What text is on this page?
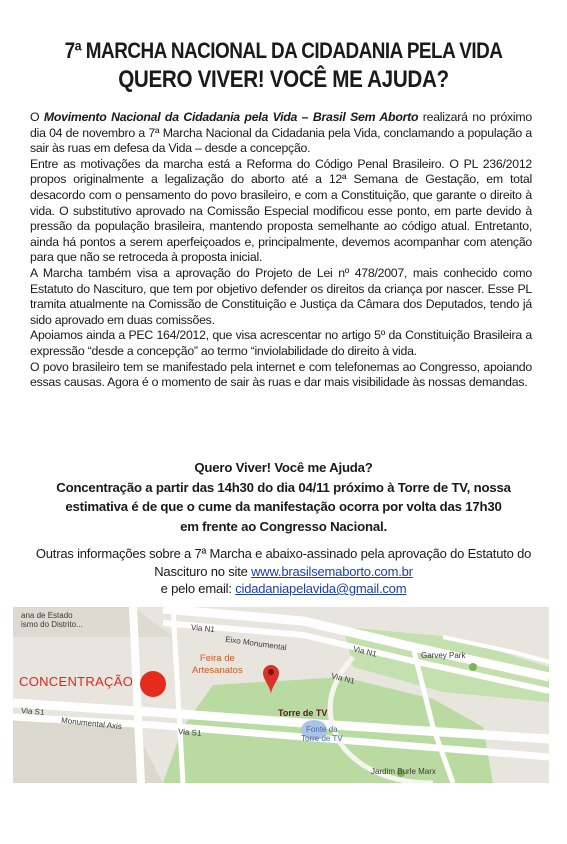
7ª MARCHA NACIONAL DA CIDADANIA PELA VIDA
QUERO VIVER! VOCÊ ME AJUDA?

O Movimento Nacional da Cidadania pela Vida – Brasil Sem Aborto realizará no próximo dia 04 de novembro a 7ª Marcha Nacional da Cidadania pela Vida, conclamando a população a sair às ruas em defesa da Vida – desde a concepção.

Entre as motivações da marcha está a Reforma do Código Penal Brasileiro. O PL 236/2012 propos originalmente a legalização do aborto até a 12ª Semana de Gestação, em total desacordo com o pensamento do povo brasileiro, e com a Constituição, que garante o direito à vida. O substitutivo aprovado na Comissão Especial modificou esse ponto, em parte devido à pressão da população brasileira, mantendo proposta semelhante ao código atual. Entretanto, ainda há pontos a serem aperfeiçoados e, principalmente, devemos acompanhar com atenção para que não se retroceda à proposta inicial.

A Marcha também visa a aprovação do Projeto de Lei nº 478/2007, mais conhecido como Estatuto do Nascituro, que tem por objetivo defender os direitos da criança por nascer. Esse PL tramita atualmente na Comissão de Constituição e Justiça da Câmara dos Deputados, tendo já sido aprovado em duas comissões.

Apoiamos ainda a PEC 164/2012, que visa acrescentar no artigo 5º da Constituição Brasileira a expressão “desde a concepção” ao termo “inviolabilidade do direito à vida.

O povo brasileiro tem se manifestado pela internet e com telefonemas ao Congresso, apoiando essas causas. Agora é o momento de sair às ruas e dar mais visibilidade às nossas demandas.

Quero Viver! Você me Ajuda?
Concentração a partir das 14h30 do dia 04/11 próximo à Torre de TV, nossa
estimativa é de que o cume da manifestação ocorra por volta das 17h30
em frente ao Congresso Nacional.
Outras informações sobre a 7ª Marcha e abaixo-assinado pela aprovação do Estatuto do
Nascituro no site www.brasilsemaborto.com.br
e pelo email: cidadaniapelavida@gmail.com
ana de Estado
ismo do Distrito...	Via N1
Eixo Monumental	Via N1
Via N1
Garvey Park
CONCENTRAÇÃO
Feira de
Artesanatos
Torre de TV
Via S1
Monumental Axis
Via S1	Fonte da
Torre de TV
Jardim Burle Marx
